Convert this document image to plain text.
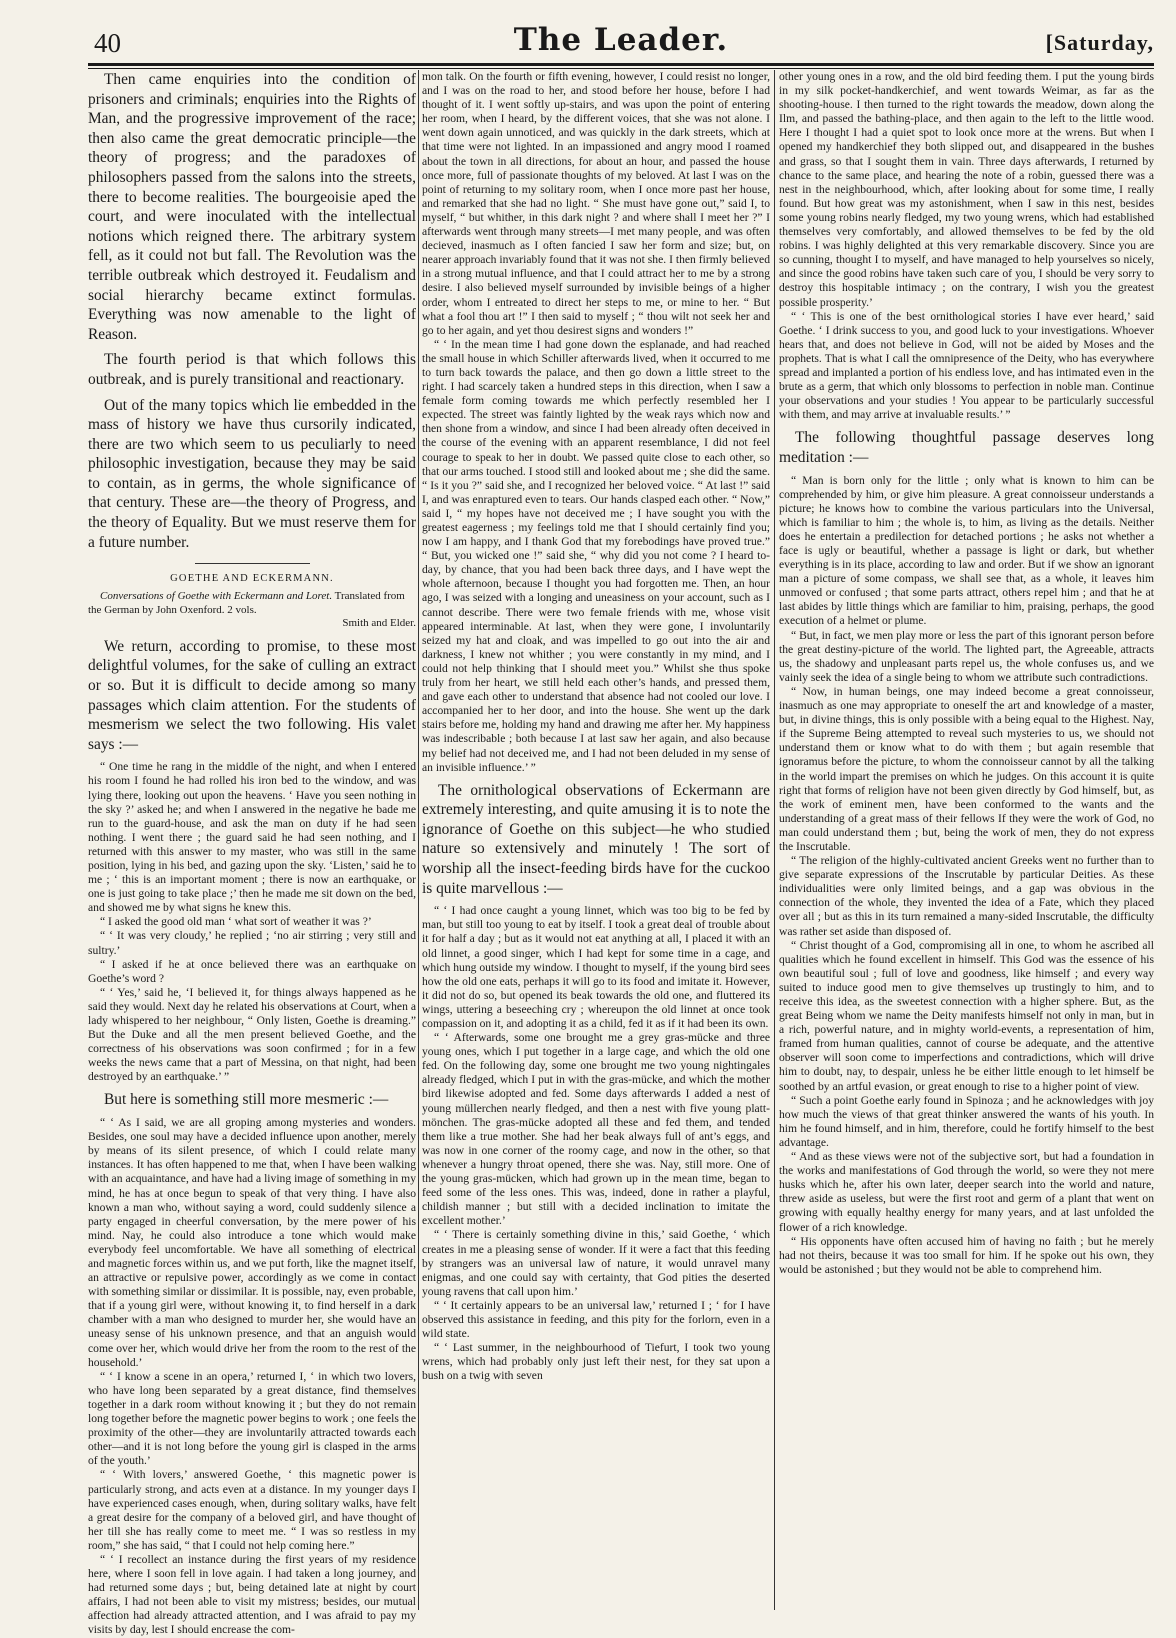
40	The Leader.	[Saturday,

Then came enquiries into the condition of prisoners and criminals; enquiries into the Rights of Man, and the progressive improvement of the race; then also came the great democratic principle—the theory of progress; and the paradoxes of philosophers passed from the salons into the streets, there to become realities. The bourgeoisie aped the court, and were inoculated with the intellectual notions which reigned there. The arbitrary system fell, as it could not but fall. The Revolution was the terrible outbreak which destroyed it. Feudalism and social hierarchy became extinct formulas. Everything was now amenable to the light of Reason.

The fourth period is that which follows this outbreak, and is purely transitional and reactionary.

Out of the many topics which lie embedded in the mass of history we have thus cursorily indicated, there are two which seem to us peculiarly to need philosophic investigation, because they may be said to contain, as in germs, the whole significance of that century. These are—the theory of Progress, and the theory of Equality. But we must reserve them for a future number.

GOETHE AND ECKERMANN.

Conversations of Goethe with Eckermann and Loret. Translated from the German by John Oxenford. 2 vols.

Smith and Elder.

We return, according to promise, to these most delightful volumes, for the sake of culling an extract or so. But it is difficult to decide among so many passages which claim attention. For the students of mesmerism we select the two following. His valet says :—

“ One time he rang in the middle of the night, and when I entered his room I found he had rolled his iron bed to the window, and was lying there, looking out upon the heavens. ‘ Have you seen nothing in the sky ?’ asked he; and when I answered in the negative he bade me run to the guard-house, and ask the man on duty if he had seen nothing. I went there ; the guard said he had seen nothing, and I returned with this answer to my master, who was still in the same position, lying in his bed, and gazing upon the sky. ‘Listen,’ said he to me ; ‘ this is an important moment ; there is now an earthquake, or one is just going to take place ;’ then he made me sit down on the bed, and showed me by what signs he knew this.

“ I asked the good old man ‘ what sort of weather it was ?’

“ ‘ It was very cloudy,’ he replied ; ‘no air stirring ; very still and sultry.’

“ I asked if he at once believed there was an earthquake on Goethe’s word ?

“ ‘ Yes,’ said he, ‘I believed it, for things always happened as he said they would. Next day he related his observations at Court, when a lady whispered to her neighbour, “ Only listen, Goethe is dreaming.” But the Duke and all the men present believed Goethe, and the correctness of his observations was soon confirmed ; for in a few weeks the news came that a part of Messina, on that night, had been destroyed by an earthquake.’ ”

But here is something still more mesmeric :—

“ ‘ As I said, we are all groping among mysteries and wonders. Besides, one soul may have a decided influence upon another, merely by means of its silent presence, of which I could relate many instances. It has often happened to me that, when I have been walking with an acquaintance, and have had a living image of something in my mind, he has at once begun to speak of that very thing. I have also known a man who, without saying a word, could suddenly silence a party engaged in cheerful conversation, by the mere power of his mind. Nay, he could also introduce a tone which would make everybody feel uncomfortable. We have all something of electrical and magnetic forces within us, and we put forth, like the magnet itself, an attractive or repulsive power, accordingly as we come in contact with something similar or dissimilar. It is possible, nay, even probable, that if a young girl were, without knowing it, to find herself in a dark chamber with a man who designed to murder her, she would have an uneasy sense of his unknown presence, and that an anguish would come over her, which would drive her from the room to the rest of the household.’

“ ‘ I know a scene in an opera,’ returned I, ‘ in which two lovers, who have long been separated by a great distance, find themselves together in a dark room without knowing it ; but they do not remain long together before the magnetic power begins to work ; one feels the proximity of the other—they are involuntarily attracted towards each other—and it is not long before the young girl is clasped in the arms of the youth.’

“ ‘ With lovers,’ answered Goethe, ‘ this magnetic power is particularly strong, and acts even at a distance. In my younger days I have experienced cases enough, when, during solitary walks, have felt a great desire for the company of a beloved girl, and have thought of her till she has really come to meet me. “ I was so restless in my room,” she has said, “ that I could not help coming here.”

“ ‘ I recollect an instance during the first years of my residence here, where I soon fell in love again. I had taken a long journey, and had returned some days ; but, being detained late at night by court affairs, I had not been able to visit my mistress; besides, our mutual affection had already attracted attention, and I was afraid to pay my visits by day, lest I should encrease the com-

mon talk. On the fourth or fifth evening, however, I could resist no longer, and I was on the road to her, and stood before her house, before I had thought of it. I went softly up-stairs, and was upon the point of entering her room, when I heard, by the different voices, that she was not alone. I went down again unnoticed, and was quickly in the dark streets, which at that time were not lighted. In an impassioned and angry mood I roamed about the town in all directions, for about an hour, and passed the house once more, full of passionate thoughts of my beloved. At last I was on the point of returning to my solitary room, when I once more past her house, and remarked that she had no light. “ She must have gone out,” said I, to myself, “ but whither, in this dark night ? and where shall I meet her ?” I afterwards went through many streets—I met many people, and was often decieved, inasmuch as I often fancied I saw her form and size; but, on nearer approach invariably found that it was not she. I then firmly believed in a strong mutual influence, and that I could attract her to me by a strong desire. I also believed myself surrounded by invisible beings of a higher order, whom I entreated to direct her steps to me, or mine to her. “ But what a fool thou art !” I then said to myself ; “ thou wilt not seek her and go to her again, and yet thou desirest signs and wonders !”

“ ‘ In the mean time I had gone down the esplanade, and had reached the small house in which Schiller afterwards lived, when it occurred to me to turn back towards the palace, and then go down a little street to the right. I had scarcely taken a hundred steps in this direction, when I saw a female form coming towards me which perfectly resembled her I expected. The street was faintly lighted by the weak rays which now and then shone from a window, and since I had been already often deceived in the course of the evening with an apparent resemblance, I did not feel courage to speak to her in doubt. We passed quite close to each other, so that our arms touched. I stood still and looked about me ; she did the same. “ Is it you ?” said she, and I recognized her beloved voice. “ At last !” said I, and was enraptured even to tears. Our hands clasped each other. “ Now,” said I, “ my hopes have not deceived me ; I have sought you with the greatest eagerness ; my feelings told me that I should certainly find you; now I am happy, and I thank God that my forebodings have proved true.” “ But, you wicked one !” said she, “ why did you not come ? I heard to-day, by chance, that you had been back three days, and I have wept the whole afternoon, because I thought you had forgotten me. Then, an hour ago, I was seized with a longing and uneasiness on your account, such as I cannot describe. There were two female friends with me, whose visit appeared interminable. At last, when they were gone, I involuntarily seized my hat and cloak, and was impelled to go out into the air and darkness, I knew not whither ; you were constantly in my mind, and I could not help thinking that I should meet you.” Whilst she thus spoke truly from her heart, we still held each other’s hands, and pressed them, and gave each other to understand that absence had not cooled our love. I accompanied her to her door, and into the house. She went up the dark stairs before me, holding my hand and drawing me after her. My happiness was indescribable ; both because I at last saw her again, and also because my belief had not deceived me, and I had not been deluded in my sense of an invisible influence.’ ”

The ornithological observations of Eckermann are extremely interesting, and quite amusing it is to note the ignorance of Goethe on this subject—he who studied nature so extensively and minutely ! The sort of worship all the insect-feeding birds have for the cuckoo is quite marvellous :—

“ ‘ I had once caught a young linnet, which was too big to be fed by man, but still too young to eat by itself. I took a great deal of trouble about it for half a day ; but as it would not eat anything at all, I placed it with an old linnet, a good singer, which I had kept for some time in a cage, and which hung outside my window. I thought to myself, if the young bird sees how the old one eats, perhaps it will go to its food and imitate it. However, it did not do so, but opened its beak towards the old one, and fluttered its wings, uttering a beseeching cry ; whereupon the old linnet at once took compassion on it, and adopting it as a child, fed it as if it had been its own.

“ ‘ Afterwards, some one brought me a grey gras-mücke and three young ones, which I put together in a large cage, and which the old one fed. On the following day, some one brought me two young nightingales already fledged, which I put in with the gras-mücke, and which the mother bird likewise adopted and fed. Some days afterwards I added a nest of young müllerchen nearly fledged, and then a nest with five young platt-mönchen. The gras-mücke adopted all these and fed them, and tended them like a true mother. She had her beak always full of ant’s eggs, and was now in one corner of the roomy cage, and now in the other, so that whenever a hungry throat opened, there she was. Nay, still more. One of the young gras-mücken, which had grown up in the mean time, began to feed some of the less ones. This was, indeed, done in rather a playful, childish manner ; but still with a decided inclination to imitate the excellent mother.’

“ ‘ There is certainly something divine in this,’ said Goethe, ‘ which creates in me a pleasing sense of wonder. If it were a fact that this feeding by strangers was an universal law of nature, it would unravel many enigmas, and one could say with certainty, that God pities the deserted young ravens that call upon him.’

“ ‘ It certainly appears to be an universal law,’ returned I ; ‘ for I have observed this assistance in feeding, and this pity for the forlorn, even in a wild state.

“ ‘ Last summer, in the neighbourhood of Tiefurt, I took two young wrens, which had probably only just left their nest, for they sat upon a bush on a twig with seven

other young ones in a row, and the old bird feeding them. I put the young birds in my silk pocket-handkerchief, and went towards Weimar, as far as the shooting-house. I then turned to the right towards the meadow, down along the Ilm, and passed the bathing-place, and then again to the left to the little wood. Here I thought I had a quiet spot to look once more at the wrens. But when I opened my handkerchief they both slipped out, and disappeared in the bushes and grass, so that I sought them in vain. Three days afterwards, I returned by chance to the same place, and hearing the note of a robin, guessed there was a nest in the neighbourhood, which, after looking about for some time, I really found. But how great was my astonishment, when I saw in this nest, besides some young robins nearly fledged, my two young wrens, which had established themselves very comfortably, and allowed themselves to be fed by the old robins. I was highly delighted at this very remarkable discovery. Since you are so cunning, thought I to myself, and have managed to help yourselves so nicely, and since the good robins have taken such care of you, I should be very sorry to destroy this hospitable intimacy ; on the contrary, I wish you the greatest possible prosperity.’

“ ‘ This is one of the best ornithological stories I have ever heard,’ said Goethe. ‘ I drink success to you, and good luck to your investigations. Whoever hears that, and does not believe in God, will not be aided by Moses and the prophets. That is what I call the omnipresence of the Deity, who has everywhere spread and implanted a portion of his endless love, and has intimated even in the brute as a germ, that which only blossoms to perfection in noble man. Continue your observations and your studies ! You appear to be particularly successful with them, and may arrive at invaluable results.’ ”

The following thoughtful passage deserves long meditation :—

“ Man is born only for the little ; only what is known to him can be comprehended by him, or give him pleasure. A great connoisseur understands a picture; he knows how to combine the various particulars into the Universal, which is familiar to him ; the whole is, to him, as living as the details. Neither does he entertain a predilection for detached portions ; he asks not whether a face is ugly or beautiful, whether a passage is light or dark, but whether everything is in its place, according to law and order. But if we show an ignorant man a picture of some compass, we shall see that, as a whole, it leaves him unmoved or confused ; that some parts attract, others repel him ; and that he at last abides by little things which are familiar to him, praising, perhaps, the good execution of a helmet or plume.

“ But, in fact, we men play more or less the part of this ignorant person before the great destiny-picture of the world. The lighted part, the Agreeable, attracts us, the shadowy and unpleasant parts repel us, the whole confuses us, and we vainly seek the idea of a single being to whom we attribute such contradictions.

“ Now, in human beings, one may indeed become a great connoisseur, inasmuch as one may appropriate to oneself the art and knowledge of a master, but, in divine things, this is only possible with a being equal to the Highest. Nay, if the Supreme Being attempted to reveal such mysteries to us, we should not understand them or know what to do with them ; but again resemble that ignoramus before the picture, to whom the connoisseur cannot by all the talking in the world impart the premises on which he judges. On this account it is quite right that forms of religion have not been given directly by God himself, but, as the work of eminent men, have been conformed to the wants and the understanding of a great mass of their fellows If they were the work of God, no man could understand them ; but, being the work of men, they do not express the Inscrutable.

“ The religion of the highly-cultivated ancient Greeks went no further than to give separate expressions of the Inscrutable by particular Deities. As these individualities were only limited beings, and a gap was obvious in the connection of the whole, they invented the idea of a Fate, which they placed over all ; but as this in its turn remained a many-sided Inscrutable, the difficulty was rather set aside than disposed of.

“ Christ thought of a God, compromising all in one, to whom he ascribed all qualities which he found excellent in himself. This God was the essence of his own beautiful soul ; full of love and goodness, like himself ; and every way suited to induce good men to give themselves up trustingly to him, and to receive this idea, as the sweetest connection with a higher sphere. But, as the great Being whom we name the Deity manifests himself not only in man, but in a rich, powerful nature, and in mighty world-events, a representation of him, framed from human qualities, cannot of course be adequate, and the attentive observer will soon come to imperfections and contradictions, which will drive him to doubt, nay, to despair, unless he be either little enough to let himself be soothed by an artful evasion, or great enough to rise to a higher point of view.

“ Such a point Goethe early found in Spinoza ; and he acknowledges with joy how much the views of that great thinker answered the wants of his youth. In him he found himself, and in him, therefore, could he fortify himself to the best advantage.

“ And as these views were not of the subjective sort, but had a foundation in the works and manifestations of God through the world, so were they not mere husks which he, after his own later, deeper search into the world and nature, threw aside as useless, but were the first root and germ of a plant that went on growing with equally healthy energy for many years, and at last unfolded the flower of a rich knowledge.

“ His opponents have often accused him of having no faith ; but he merely had not theirs, because it was too small for him. If he spoke out his own, they would be astonished ; but they would not be able to comprehend him.
